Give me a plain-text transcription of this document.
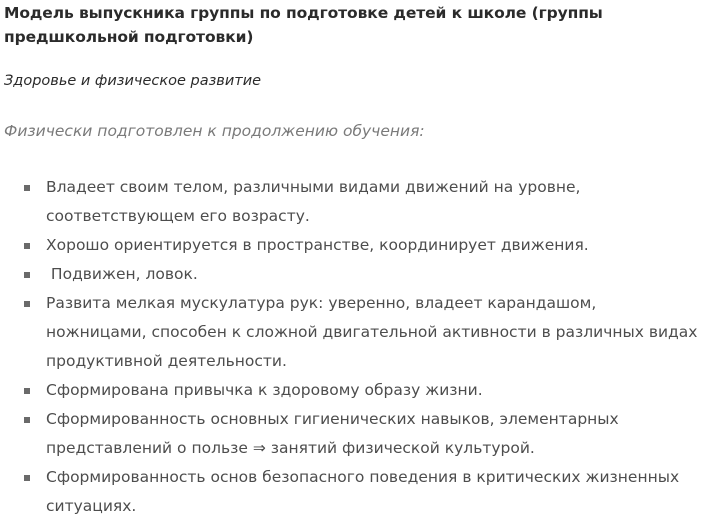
Модель выпускника группы по подготовке детей к школе (группы предшкольной подготовки)

Здоровье и физическое развитие

Физически подготовлен к продолжению обучения:

Владеет своим телом, различными видами движений на уровне, соответствующем его возрасту.
Хорошо ориентируется в пространстве, координирует движения.
Подвижен, ловок.
Развита мелкая мускулатура рук: уверенно, владеет карандашом, ножницами, способен к сложной двигательной активности в различных видах продуктивной деятельности.
Сформирована привычка к здоровому образу жизни.
Сформированность основных гигиенических навыков, элементарных представлений о пользе ⇒ занятий физической культурой.
Сформированность основ безопасного поведения в критических жизненных ситуациях.
